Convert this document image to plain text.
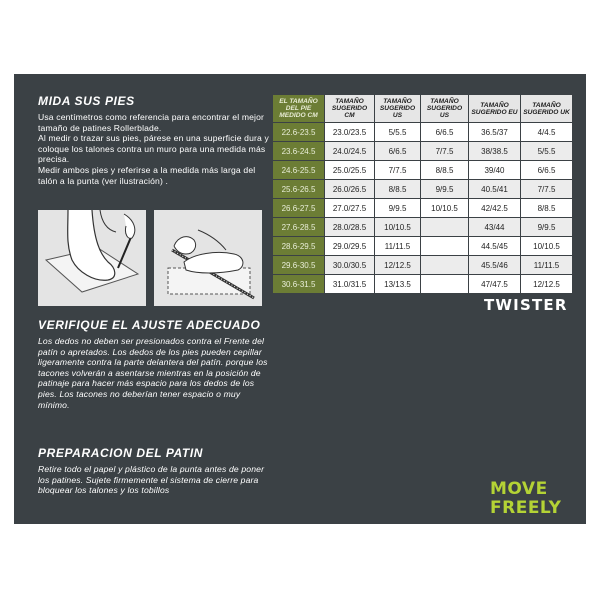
MIDA SUS PIES

Usa centímetros como referencia para encontrar el mejor tamaño de patines Rollerblade.

Al medir o trazar sus pies, párese en una superficie dura y coloque los talones contra un muro para una medida más precisa.

Medir ambos pies y referirse a la medida más larga del talón a la punta (ver ilustración) .

VERIFIQUE EL AJUSTE ADECUADO

Los dedos no deben ser presionados contra el Frente del patín o apretados. Los dedos de los pies pueden cepillar ligeramente contra la parte delantera del patín. porque los tacones volverán a asentarse mientras en la posición de patinaje para hacer más espacio para los dedos de los pies. Los tacones no deberían tener espacio o muy mínimo.

PREPARACION DEL PATIN

Retire todo el papel y plástico de la punta antes de poner los patines. Sujete firmemente el sistema de cierre para bloquear los talones y los tobillos

EL TAMAÑO DEL PIE MEDIDO CM	TAMAÑO SUGERIDO CM	TAMAÑO SUGERIDO US	TAMAÑO SUGERIDO US	TAMAÑO SUGERIDO EU	TAMAÑO SUGERIDO UK
22.6-23.5	23.0/23.5	5/5.5	6/6.5	36.5/37	4/4.5
23.6-24.5	24.0/24.5	6/6.5	7/7.5	38/38.5	5/5.5
24.6-25.5	25.0/25.5	7/7.5	8/8.5	39/40	6/6.5
25.6-26.5	26.0/26.5	8/8.5	9/9.5	40.5/41	7/7.5
26.6-27.5	27.0/27.5	9/9.5	10/10.5	42/42.5	8/8.5
27.6-28.5	28.0/28.5	10/10.5		43/44	9/9.5
28.6-29.5	29.0/29.5	11/11.5		44.5/45	10/10.5
29.6-30.5	30.0/30.5	12/12.5		45.5/46	11/11.5
30.6-31.5	31.0/31.5	13/13.5		47/47.5	12/12.5
TWISTER
MOVE
FREELY
